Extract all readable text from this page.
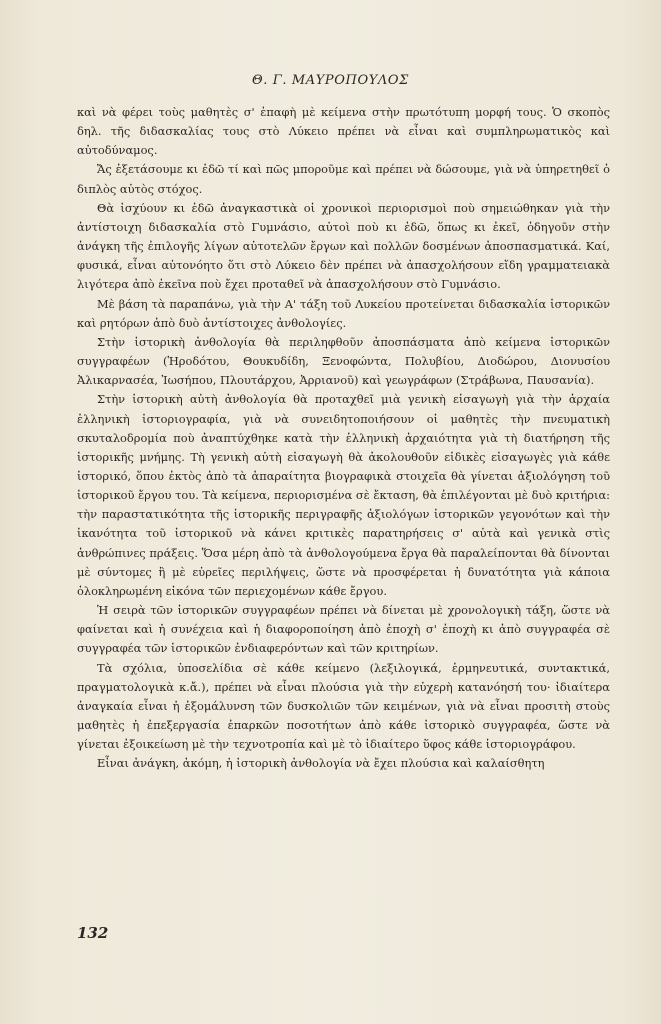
Θ. Γ. ΜΑΥΡΟΠΟΥΛΟΣ

καὶ νὰ φέρει τοὺς μαθητὲς σ' ἐπαφὴ μὲ κείμενα στὴν πρωτότυπη μορφή τους. Ὁ σκοπὸς δηλ. τῆς διδασκαλίας τους στὸ Λύκειο πρέπει νὰ εἶναι καὶ συμπληρωματικὸς καὶ αὐτοδύναμος.

Ἄς ἐξετάσουμε κι ἐδῶ τί καὶ πῶς μποροῦμε καὶ πρέπει νὰ δώσουμε, γιὰ νὰ ὑπηρετηθεῖ ὁ διπλὸς αὐτὸς στόχος.

Θὰ ἰσχύουν κι ἐδῶ ἀναγκαστικὰ οἱ χρονικοὶ περιορισμοὶ ποὺ σημειώθηκαν γιὰ τὴν ἀντίστοιχη διδασκαλία στὸ Γυμνάσιο, αὐτοὶ ποὺ κι ἐδῶ, ὅπως κι ἐκεῖ, ὁδηγοῦν στὴν ἀνάγκη τῆς ἐπιλογῆς λίγων αὐτοτελῶν ἔργων καὶ πολλῶν δοσμένων ἀποσπασματικά. Καί, φυσικά, εἶναι αὐτονόητο ὅτι στὸ Λύκειο δὲν πρέπει νὰ ἀπασχολήσουν εἴδη γραμματειακὰ λιγότερα ἀπὸ ἐκεῖνα ποὺ ἔχει προταθεῖ νὰ ἀπασχολήσουν στὸ Γυμνάσιο.

Μὲ βάση τὰ παραπάνω, γιὰ τὴν Α' τάξη τοῦ Λυκείου προτείνεται διδασκαλία ἱστορικῶν καὶ ρητόρων ἀπὸ δυὸ ἀντίστοιχες ἀνθολογίες.

Στὴν ἱστορικὴ ἀνθολογία θὰ περιληφθοῦν ἀποσπάσματα ἀπὸ κείμενα ἱστορικῶν συγγραφέων (Ἡροδότου, Θουκυδίδη, Ξενοφώντα, Πολυβίου, Διοδώρου, Διονυσίου Ἀλικαρνασέα, Ἰωσήπου, Πλουτάρχου, Ἀρριανοῦ) καὶ γεωγράφων (Στράβωνα, Παυσανία).

Στὴν ἱστορικὴ αὐτὴ ἀνθολογία θὰ προταχθεῖ μιὰ γενικὴ εἰσαγωγὴ γιὰ τὴν ἀρχαία ἑλληνικὴ ἱστοριογραφία, γιὰ νὰ συνειδητοποιήσουν οἱ μαθητὲς τὴν πνευματικὴ σκυταλοδρομία ποὺ ἀναπτύχθηκε κατὰ τὴν ἑλληνικὴ ἀρχαιότητα γιὰ τὴ διατήρηση τῆς ἱστορικῆς μνήμης. Τὴ γενικὴ αὐτὴ εἰσαγωγὴ θὰ ἀκολουθοῦν εἰδικὲς εἰσαγωγὲς γιὰ κάθε ἱστορικό, ὅπου ἐκτὸς ἀπὸ τὰ ἀπαραίτητα βιογραφικὰ στοιχεῖα θὰ γίνεται ἀξιολόγηση τοῦ ἱστορικοῦ ἔργου του. Τὰ κείμενα, περιορισμένα σὲ ἔκταση, θὰ ἐπιλέγονται μὲ δυὸ κριτήρια: τὴν παραστατικότητα τῆς ἱστορικῆς περιγραφῆς ἀξιολόγων ἱστορικῶν γεγονότων καὶ τὴν ἱκανότητα τοῦ ἱστορικοῦ νὰ κάνει κριτικὲς παρατηρήσεις σ' αὐτὰ καὶ γενικὰ στὶς ἀνθρώπινες πράξεις. Ὅσα μέρη ἀπὸ τὰ ἀνθολογούμενα ἔργα θὰ παραλείπονται θὰ δίνονται μὲ σύντομες ἢ μὲ εὐρεῖες περιλήψεις, ὥστε νὰ προσφέρεται ἡ δυνατότητα γιὰ κάποια ὁλοκληρωμένη εἰκόνα τῶν περιεχομένων κάθε ἔργου.

Ἡ σειρὰ τῶν ἱστορικῶν συγγραφέων πρέπει νὰ δίνεται μὲ χρονολογικὴ τάξη, ὥστε νὰ φαίνεται καὶ ἡ συνέχεια καὶ ἡ διαφοροποίηση ἀπὸ ἐποχὴ σ' ἐποχὴ κι ἀπὸ συγγραφέα σὲ συγγραφέα τῶν ἱστορικῶν ἐνδιαφερόντων καὶ τῶν κριτηρίων.

Τὰ σχόλια, ὑποσελίδια σὲ κάθε κείμενο (λεξιλογικά, ἑρμηνευτικά, συντακτικά, πραγματολογικὰ κ.ἄ.), πρέπει νὰ εἶναι πλούσια γιὰ τὴν εὐχερὴ κατανόησή του· ἰδιαίτερα ἀναγκαία εἶναι ἡ ἐξομάλυνση τῶν δυσκολιῶν τῶν κειμένων, γιὰ νὰ εἶναι προσιτὴ στοὺς μαθητὲς ἡ ἐπεξεργασία ἐπαρκῶν ποσοτήτων ἀπὸ κάθε ἱστορικὸ συγγραφέα, ὥστε νὰ γίνεται ἐξοικείωση μὲ τὴν τεχνοτροπία καὶ μὲ τὸ ἰδιαίτερο ὕφος κάθε ἱστοριογράφου.

Εἶναι ἀνάγκη, ἀκόμη, ἡ ἱστορικὴ ἀνθολογία νὰ ἔχει πλούσια καὶ καλαίσθητη

132
